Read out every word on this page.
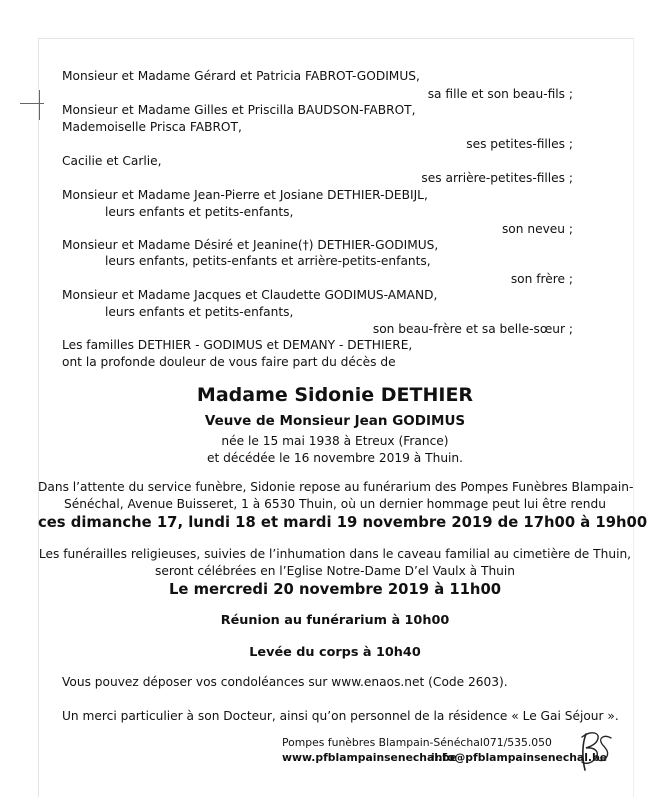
Monsieur et Madame Gérard et Patricia FABROT-GODIMUS,
sa fille et son beau-fils ;
Monsieur et Madame Gilles et Priscilla BAUDSON-FABROT,
Mademoiselle Prisca FABROT,
ses petites-filles ;
Cacilie et Carlie,
ses arrière-petites-filles ;
Monsieur et Madame Jean-Pierre et Josiane DETHIER-DEBIJL,
leurs enfants et petits-enfants,
son neveu ;
Monsieur et Madame Désiré et Jeanine(†) DETHIER-GODIMUS,
leurs enfants, petits-enfants et arrière-petits-enfants,
son frère ;
Monsieur et Madame Jacques et Claudette GODIMUS-AMAND,
leurs enfants et petits-enfants,
son beau-frère et sa belle-sœur ;
Les familles DETHIER - GODIMUS et DEMANY - DETHIERE,
ont la profonde douleur de vous faire part du décès de
Madame Sidonie DETHIER
Veuve de Monsieur Jean GODIMUS
née le 15 mai 1938 à Etreux (France)
et décédée le 16 novembre 2019 à Thuin.
Dans l’attente du service funèbre, Sidonie repose au funérarium des Pompes Funèbres Blampain-
Sénéchal, Avenue Buisseret, 1 à 6530 Thuin, où un dernier hommage peut lui être rendu
ces dimanche 17, lundi 18 et mardi 19 novembre 2019 de 17h00 à 19h00
Les funérailles religieuses, suivies de l’inhumation dans le caveau familial au cimetière de Thuin,
seront célébrées en l’Eglise Notre-Dame D’el Vaulx à Thuin
Le mercredi 20 novembre 2019 à 11h00
Réunion au funérarium à 10h00
Levée du corps à 10h40
Vous pouvez déposer vos condoléances sur www.enaos.net (Code 2603).
Un merci particulier à son Docteur, ainsi qu’on personnel de la résidence « Le Gai Séjour ».
Pompes funèbres Blampain-Sénéchal
www.pfblampainsenechal.be
071/535.050
info@pfblampainsenechal.be
